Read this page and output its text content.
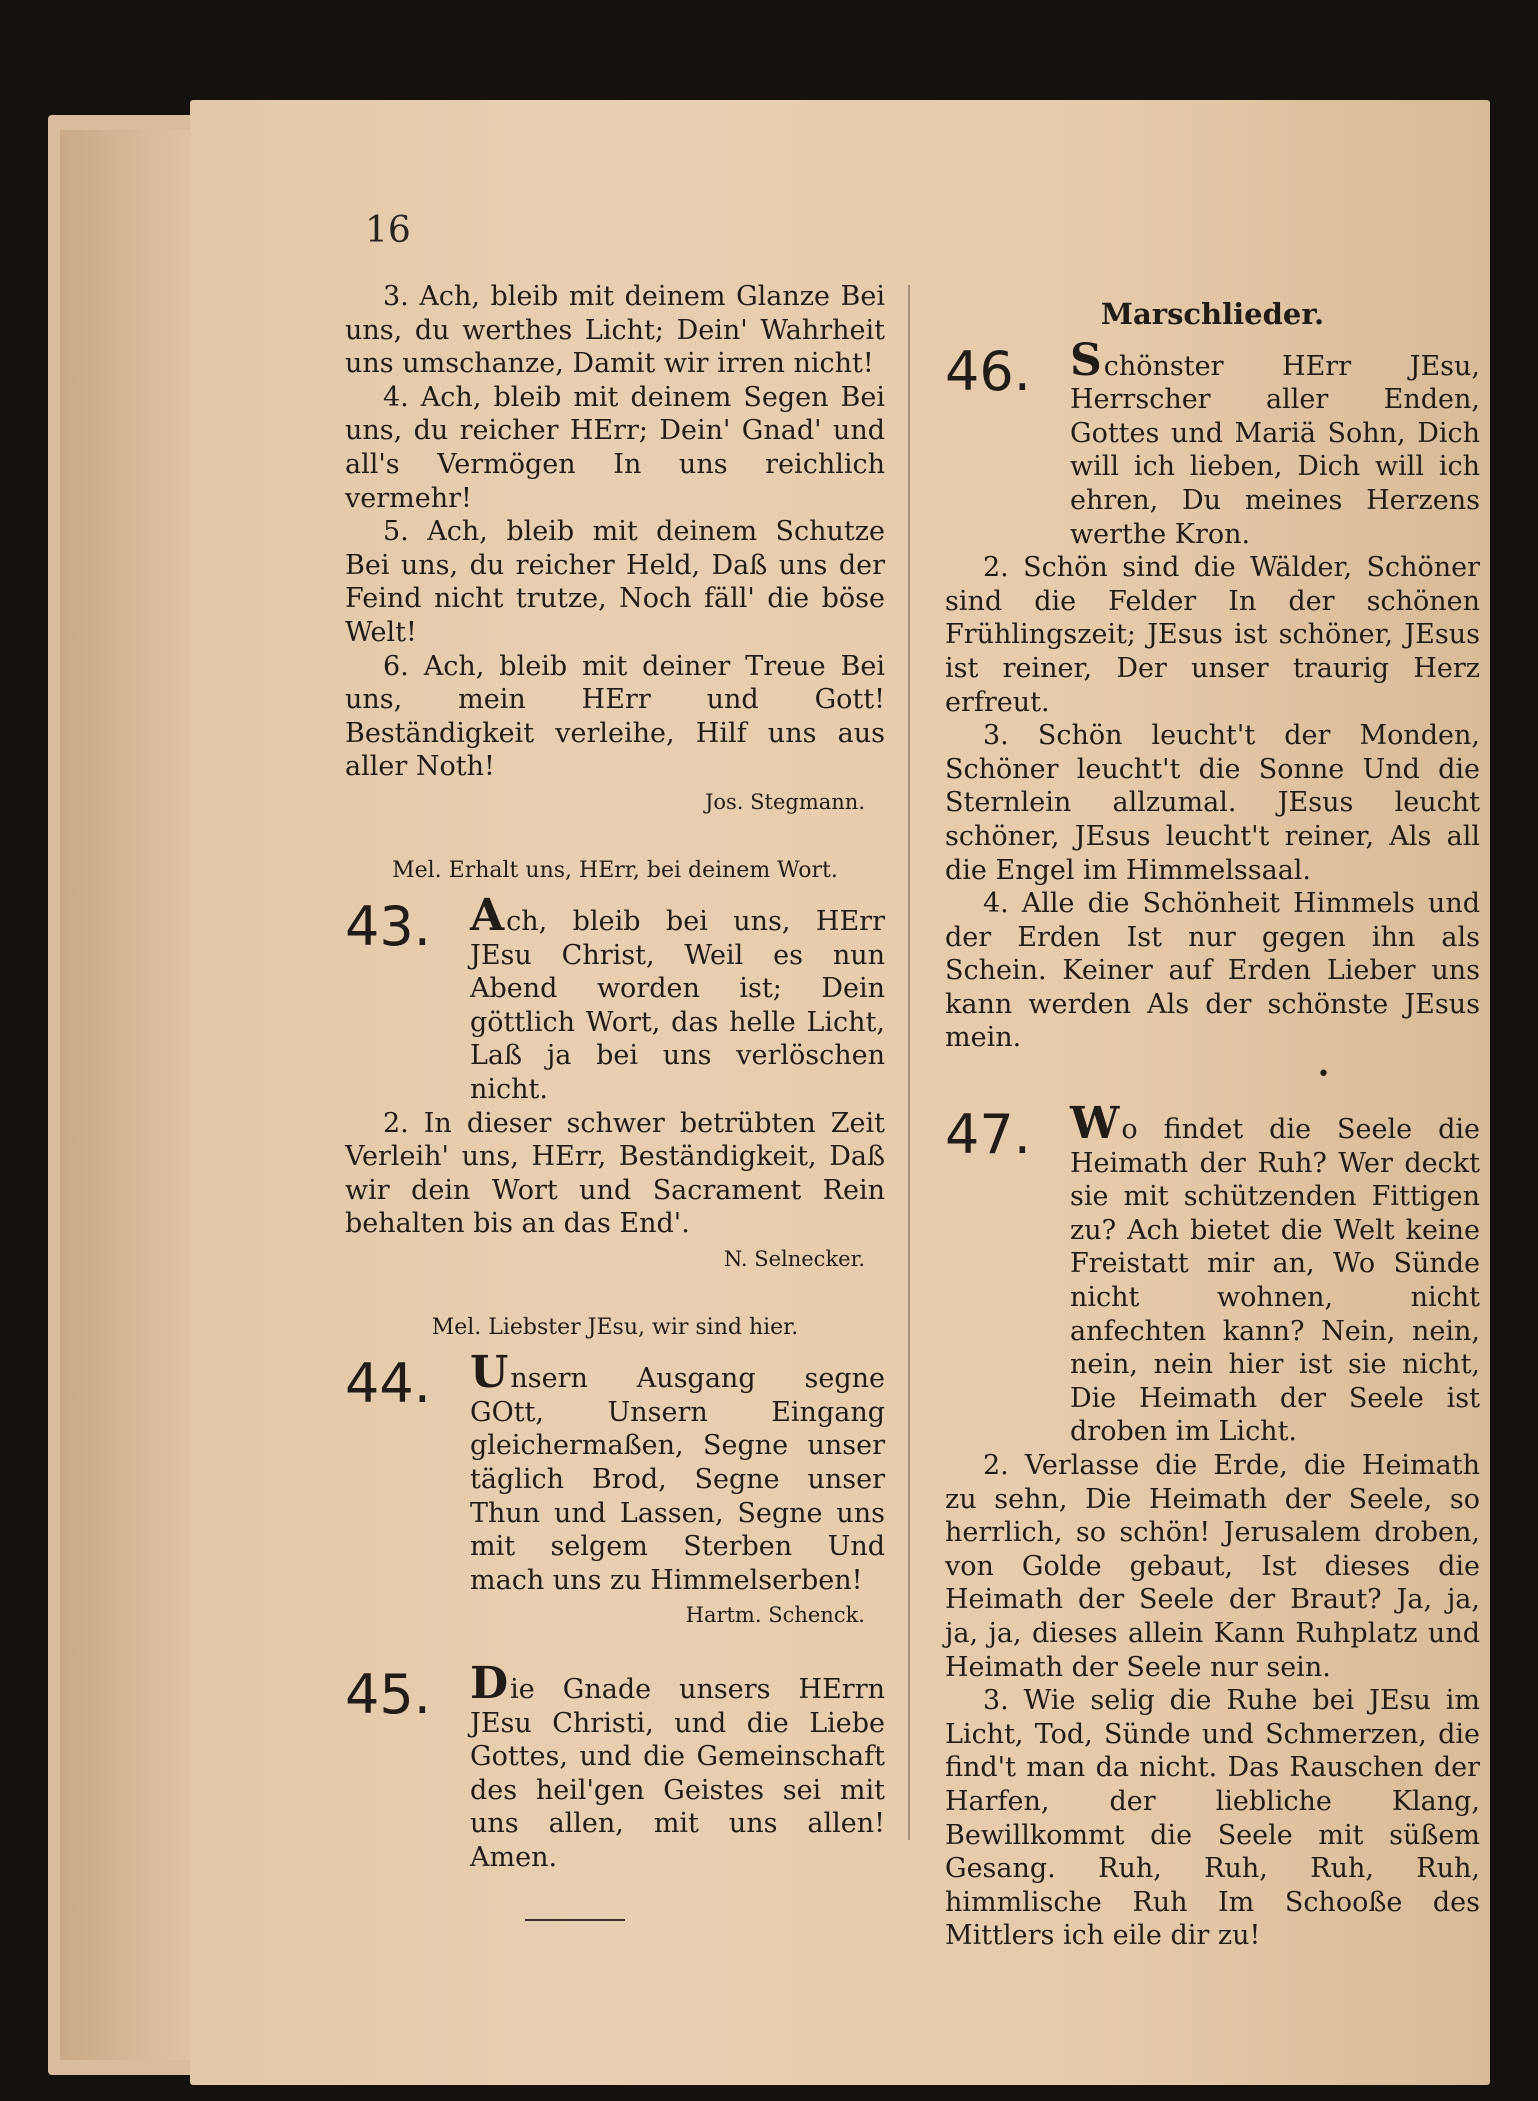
16
3. Ach, bleib mit deinem Glanze Bei uns, du werthes Licht; Dein' Wahrheit uns umschanze, Damit wir irren nicht!
4. Ach, bleib mit deinem Segen Bei uns, du reicher HErr; Dein' Gnad' und all's Vermögen In uns reichlich vermehr!
5. Ach, bleib mit deinem Schutze Bei uns, du reicher Held, Daß uns der Feind nicht trutze, Noch fäll' die böse Welt!
6. Ach, bleib mit deiner Treue Bei uns, mein HErr und Gott! Beständigkeit verleihe, Hilf uns aus aller Noth!
Jos. Stegmann.
Mel. Erhalt uns, HErr, bei deinem Wort.
43. Ach, bleib bei uns, HErr JEsu Christ, Weil es nun Abend worden ist; Dein göttlich Wort, das helle Licht, Laß ja bei uns verlöschen nicht.
2. In dieser schwer betrübten Zeit Verleih' uns, HErr, Beständigkeit, Daß wir dein Wort und Sacrament Rein behalten bis an das End'.
N. Selnecker.
Mel. Liebster JEsu, wir sind hier.
44. Unsern Ausgang segne GOtt, Unsern Eingang gleichermaßen, Segne unser täglich Brod, Segne unser Thun und Lassen, Segne uns mit selgem Sterben Und mach uns zu Himmelserben!
Hartm. Schenck.
45. Die Gnade unsers HErrn JEsu Christi, und die Liebe Gottes, und die Gemeinschaft des heil'gen Geistes sei mit uns allen, mit uns allen! Amen.
Marschlieder.
46. Schönster HErr JEsu, Herrscher aller Enden, Gottes und Mariä Sohn, Dich will ich lieben, Dich will ich ehren, Du meines Herzens werthe Kron.
2. Schön sind die Wälder, Schöner sind die Felder In der schönen Frühlingszeit; JEsus ist schöner, JEsus ist reiner, Der unser traurig Herz erfreut.
3. Schön leucht't der Monden, Schöner leucht't die Sonne Und die Sternlein allzumal. JEsus leucht schöner, JEsus leucht't reiner, Als all die Engel im Himmelssaal.
4. Alle die Schönheit Himmels und der Erden Ist nur gegen ihn als Schein. Keiner auf Erden Lieber uns kann werden Als der schönste JEsus mein.
•
47. Wo findet die Seele die Heimath der Ruh? Wer deckt sie mit schützenden Fittigen zu? Ach bietet die Welt keine Freistatt mir an, Wo Sünde nicht wohnen, nicht anfechten kann? Nein, nein, nein, nein hier ist sie nicht, Die Heimath der Seele ist droben im Licht.
2. Verlasse die Erde, die Heimath zu sehn, Die Heimath der Seele, so herrlich, so schön! Jerusalem droben, von Golde gebaut, Ist dieses die Heimath der Seele der Braut? Ja, ja, ja, ja, dieses allein Kann Ruhplatz und Heimath der Seele nur sein.
3. Wie selig die Ruhe bei JEsu im Licht, Tod, Sünde und Schmerzen, die find't man da nicht. Das Rauschen der Harfen, der liebliche Klang, Bewillkommt die Seele mit süßem Gesang. Ruh, Ruh, Ruh, Ruh, himmlische Ruh Im Schooße des Mittlers ich eile dir zu!
